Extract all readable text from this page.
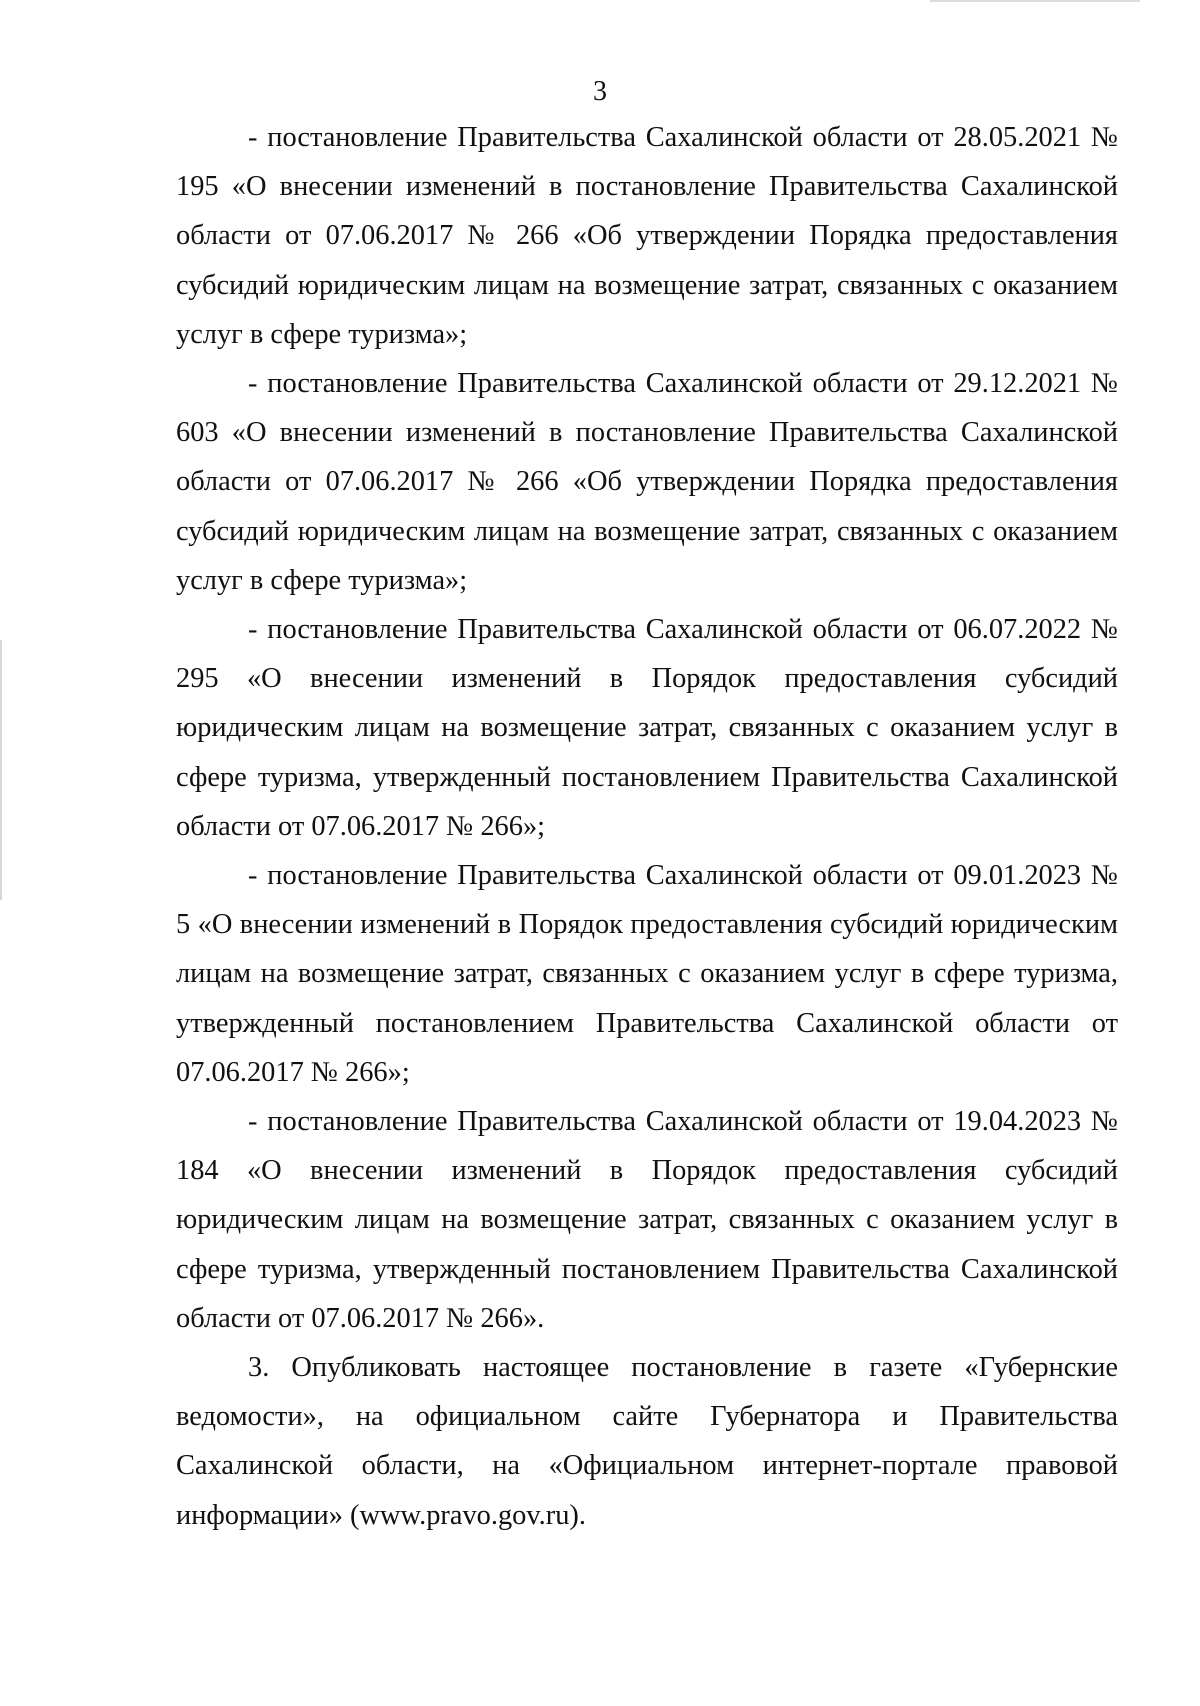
3

- постановление Правительства Сахалинской области от 28.05.2021 № 195 «О внесении изменений в постановление Правительства Сахалинской области от 07.06.2017 № 266 «Об утверждении Порядка предоставления субсидий юридическим лицам на возмещение затрат, связанных с оказанием услуг в сфере туризма»;

- постановление Правительства Сахалинской области от 29.12.2021 № 603 «О внесении изменений в постановление Правительства Сахалинской области от 07.06.2017 № 266 «Об утверждении Порядка предоставления субсидий юридическим лицам на возмещение затрат, связанных с оказанием услуг в сфере туризма»;

- постановление Правительства Сахалинской области от 06.07.2022 № 295 «О внесении изменений в Порядок предоставления субсидий юридическим лицам на возмещение затрат, связанных с оказанием услуг в сфере туризма, утвержденный постановлением Правительства Сахалинской области от 07.06.2017 № 266»;

- постановление Правительства Сахалинской области от 09.01.2023 № 5 «О внесении изменений в Порядок предоставления субсидий юридическим лицам на возмещение затрат, связанных с оказанием услуг в сфере туризма, утвержденный постановлением Правительства Сахалинской области от 07.06.2017 № 266»;

- постановление Правительства Сахалинской области от 19.04.2023 № 184 «О внесении изменений в Порядок предоставления субсидий юридическим лицам на возмещение затрат, связанных с оказанием услуг в сфере туризма, утвержденный постановлением Правительства Сахалинской области от 07.06.2017 № 266».

3. Опубликовать настоящее постановление в газете «Губернские ведомости», на официальном сайте Губернатора и Правительства Сахалинской области, на «Официальном интернет-портале правовой информации» (www.pravo.gov.ru).
